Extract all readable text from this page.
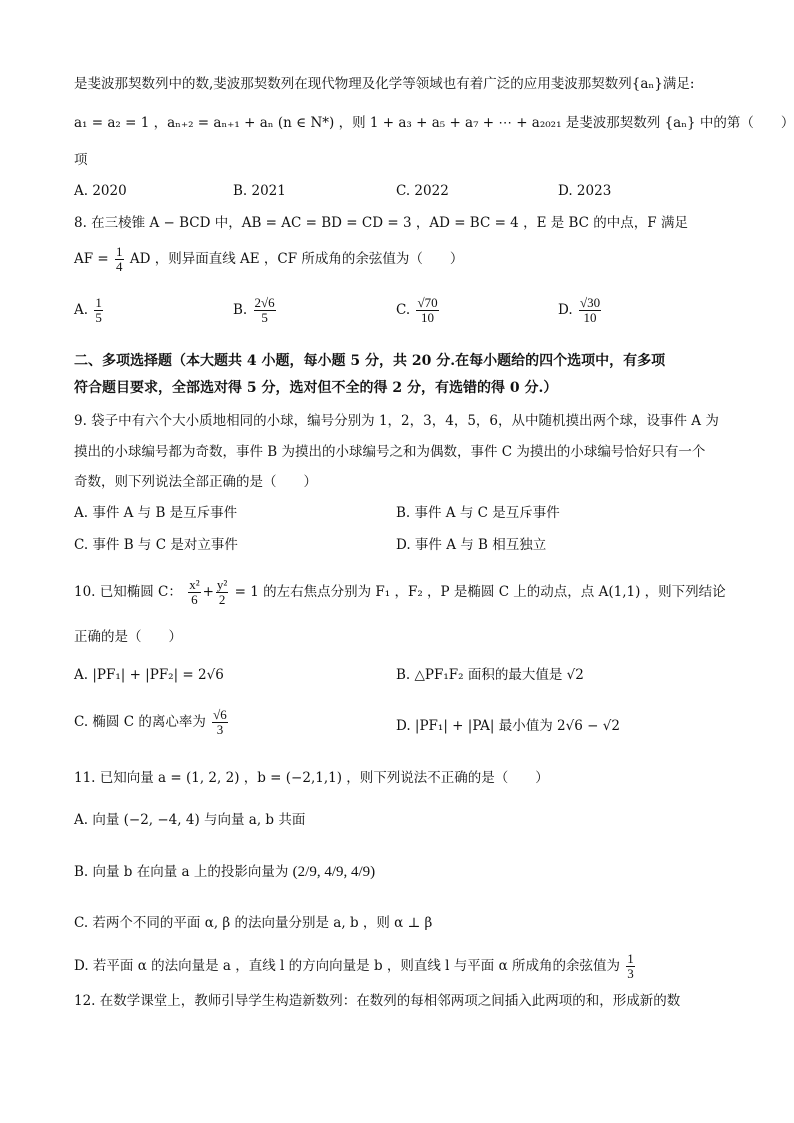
是斐波那契数列中的数,斐波那契数列在现代物理及化学等领域也有着广泛的应用斐波那契数列{aₙ}满足:
a₁ = a₂ = 1 ，aₙ₊₂ = aₙ₊₁ + aₙ (n ∈ N*) ，则 1 + a₃ + a₅ + a₇ + ⋯ + a₂₀₂₁ 是斐波那契数列 {aₙ} 中的第（　　）
项
A. 2020	B. 2021	C. 2022	D. 2023
8. 在三棱锥 A − BCD 中，AB = AC = BD = CD = 3 ，AD = BC = 4 ，E 是 BC 的中点，F 满足
AF = $\frac{1}{4}$ AD ，则异面直线 AE ，CF 所成角的余弦值为（　　）
A. $\frac{1}{5}$	B. $\frac{2√6}{5}$	C. $\frac{√70}{10}$	D. $\frac{√30}{10}$
二、多项选择题（本大题共 4 小题，每小题 5 分，共 20 分.在每小题给的四个选项中，有多项
符合题目要求，全部选对得 5 分，选对但不全的得 2 分，有选错的得 0 分.）
9. 袋子中有六个大小质地相同的小球，编号分别为 1，2，3，4，5，6，从中随机摸出两个球，设事件 A 为
摸出的小球编号都为奇数，事件 B 为摸出的小球编号之和为偶数，事件 C 为摸出的小球编号恰好只有一个
奇数，则下列说法全部正确的是（　　）
A. 事件 A 与 B 是互斥事件	B. 事件 A 与 C 是互斥事件
C. 事件 B 与 C 是对立事件	D. 事件 A 与 B 相互独立
10. 已知椭圆 C： $\frac{\text{x²}}{6} + \frac{\text{y²}}{2} = 1$ 的左右焦点分别为 F₁ ，F₂ ，P 是椭圆 C 上的动点，点 A(1,1) ，则下列结论
正确的是（　　）
A. |PF₁| + |PF₂| = 2√6	B. △PF₁F₂ 面积的最大值是 √2
C. 椭圆 C 的离心率为 $\frac{√6}{3}$	D. |PF₁| + |PA| 最小值为 2√6 − √2
11. 已知向量 a = (1, 2, 2) ，b = (−2,1,1) ，则下列说法不正确的是（　　）
A. 向量 (−2, −4, 4) 与向量 a, b 共面
B. 向量 b 在向量 a 上的投影向量为 (2/9, 4/9, 4/9)
C. 若两个不同的平面 α, β 的法向量分别是 a, b ，则 α ⊥ β
D. 若平面 α 的法向量是 a ，直线 l 的方向向量是 b ，则直线 l 与平面 α 所成角的余弦值为 $\frac{1}{3}$
12. 在数学课堂上，教师引导学生构造新数列：在数列的每相邻两项之间插入此两项的和，形成新的数
